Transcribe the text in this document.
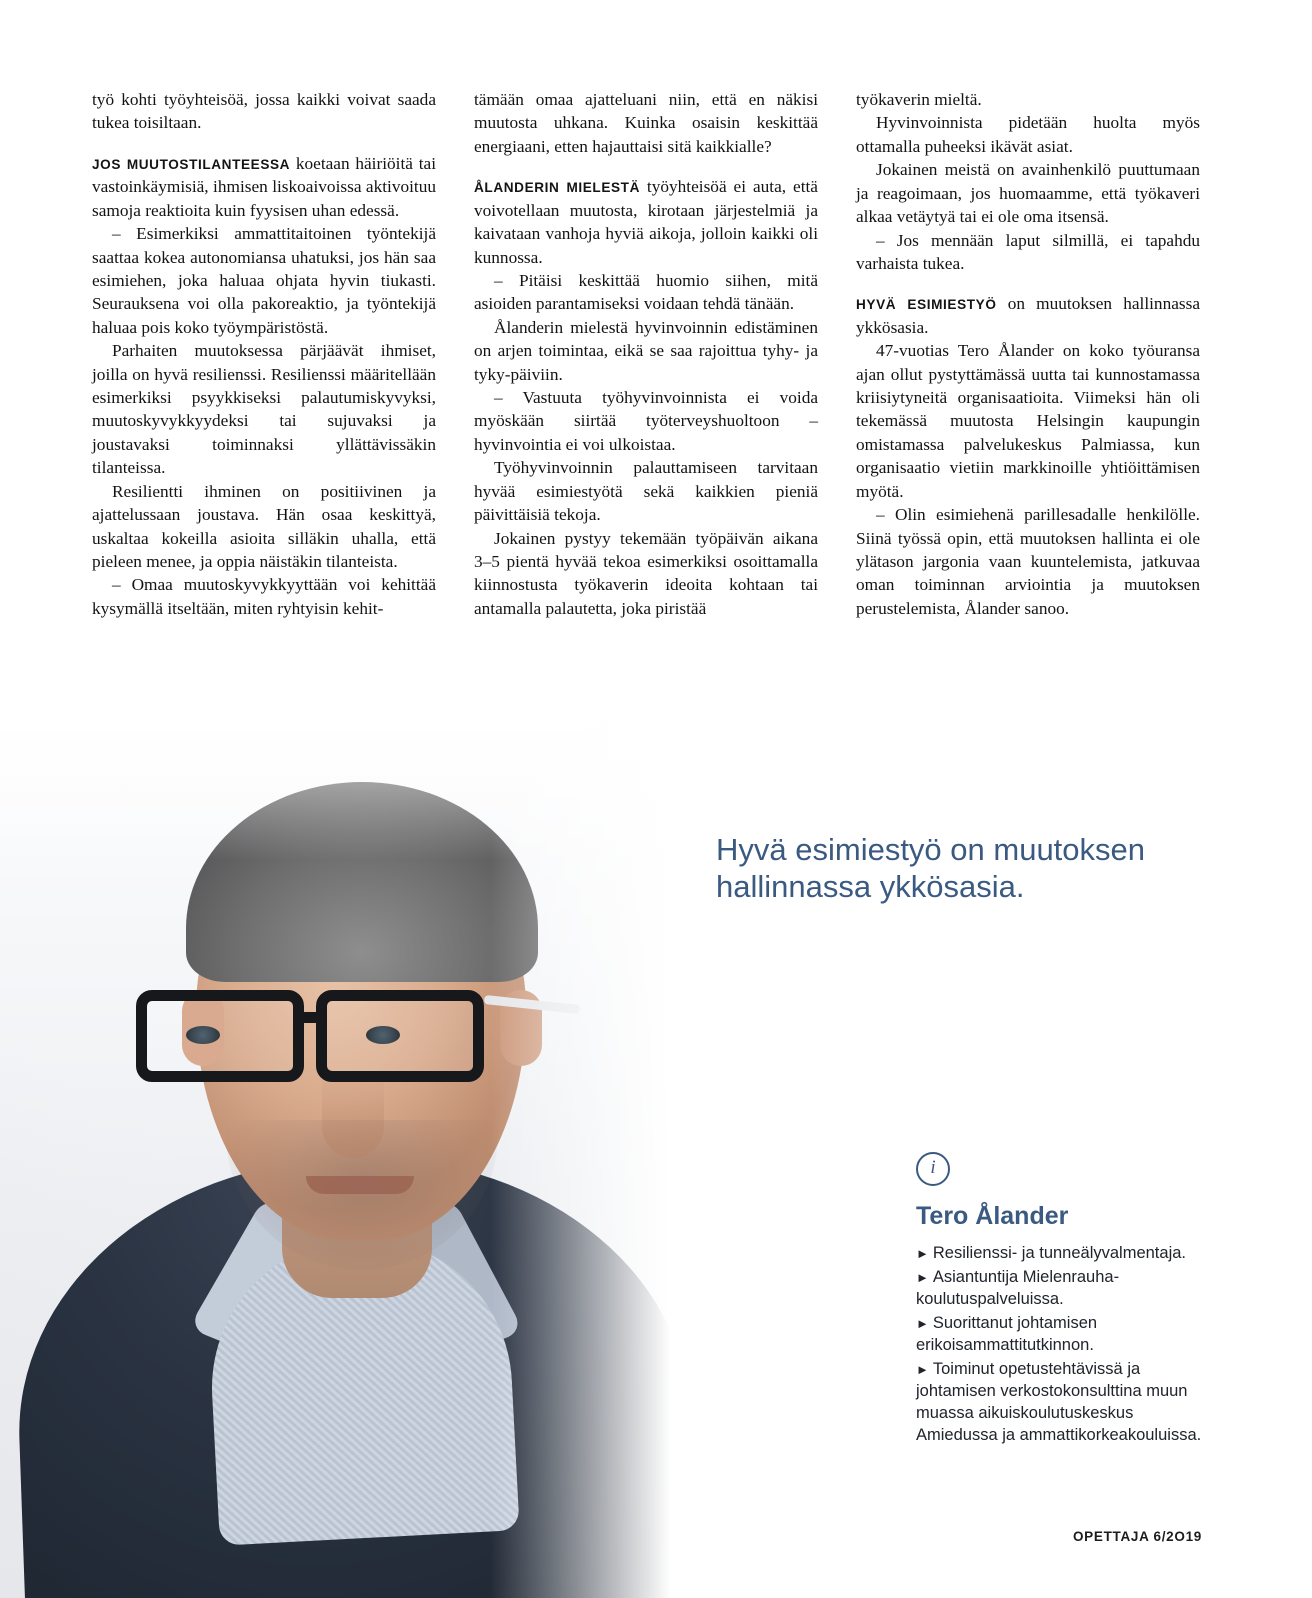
työ kohti työyhteisöä, jossa kaikki voivat saada tukea toisiltaan.

JOS MUUTOSTILANTEESSA koetaan häiriöitä tai vastoinkäymisiä, ihmisen liskoaivoissa aktivoituu samoja reaktioita kuin fyysisen uhan edessä.

– Esimerkiksi ammattitaitoinen työntekijä saattaa kokea autonomiansa uhatuksi, jos hän saa esimiehen, joka haluaa ohjata hyvin tiukasti. Seurauksena voi olla pakoreaktio, ja työntekijä haluaa pois koko työympäristöstä.

Parhaiten muutoksessa pärjäävät ihmiset, joilla on hyvä resilienssi. Resilienssi määritellään esimerkiksi psyykkiseksi palautumiskyvyksi, muutoskyvykkyydeksi tai sujuvaksi ja joustavaksi toiminnaksi yllättävissäkin tilanteissa.

Resilientti ihminen on positiivinen ja ajattelussaan joustava. Hän osaa keskittyä, uskaltaa kokeilla asioita silläkin uhalla, että pieleen menee, ja oppia näistäkin tilanteista.

– Omaa muutoskyvykkyyttään voi kehittää kysymällä itseltään, miten ryhtyisin kehit-

tämään omaa ajatteluani niin, että en näkisi muutosta uhkana. Kuinka osaisin keskittää energiaani, etten hajauttaisi sitä kaikkialle?

ÅLANDERIN MIELESTÄ työyhteisöä ei auta, että voivotellaan muutosta, kirotaan järjestelmiä ja kaivataan vanhoja hyviä aikoja, jolloin kaikki oli kunnossa.

– Pitäisi keskittää huomio siihen, mitä asioiden parantamiseksi voidaan tehdä tänään.

Ålanderin mielestä hyvinvoinnin edistäminen on arjen toimintaa, eikä se saa rajoittua tyhy- ja tyky-päiviin.

– Vastuuta työhyvinvoinnista ei voida myöskään siirtää työterveyshuoltoon – hyvinvointia ei voi ulkoistaa.

Työhyvinvoinnin palauttamiseen tarvitaan hyvää esimiestyötä sekä kaikkien pieniä päivittäisiä tekoja.

Jokainen pystyy tekemään työpäivän aikana 3–5 pientä hyvää tekoa esimerkiksi osoittamalla kiinnostusta työkaverin ideoita kohtaan tai antamalla palautetta, joka piristää

työkaverin mieltä.

Hyvinvoinnista pidetään huolta myös ottamalla puheeksi ikävät asiat.

Jokainen meistä on avainhenkilö puuttumaan ja reagoimaan, jos huomaamme, että työkaveri alkaa vetäytyä tai ei ole oma itsensä.

– Jos mennään laput silmillä, ei tapahdu varhaista tukea.

HYVÄ ESIMIESTYÖ on muutoksen hallinnassa ykkösasia.

47-vuotias Tero Ålander on koko työuransa ajan ollut pystyttämässä uutta tai kunnostamassa kriisiytyneitä organisaatioita. Viimeksi hän oli tekemässä muutosta Helsingin kaupungin omistamassa palvelukeskus Palmiassa, kun organisaatio vietiin markkinoille yhtiöittämisen myötä.

– Olin esimiehenä parillesadalle henkilölle. Siinä työssä opin, että muutoksen hallinta ei ole ylätason jargonia vaan kuuntelemista, jatkuvaa oman toiminnan arviointia ja muutoksen perustelemista, Ålander sanoo.

Hyvä esimiestyö on muutoksen hallinnassa ykkösasia.
i
Tero Ålander
► Resilienssi- ja tunneälyvalmentaja.
► Asiantuntija Mielenrauha-koulutuspalveluissa.
► Suorittanut johtamisen erikoisammattitutkinnon.
► Toiminut opetustehtävissä ja johtamisen verkostokonsulttina muun muassa aikuiskoulutuskeskus Amiedussa ja ammattikorkeakouluissa.
OPETTAJA 6/2O19
